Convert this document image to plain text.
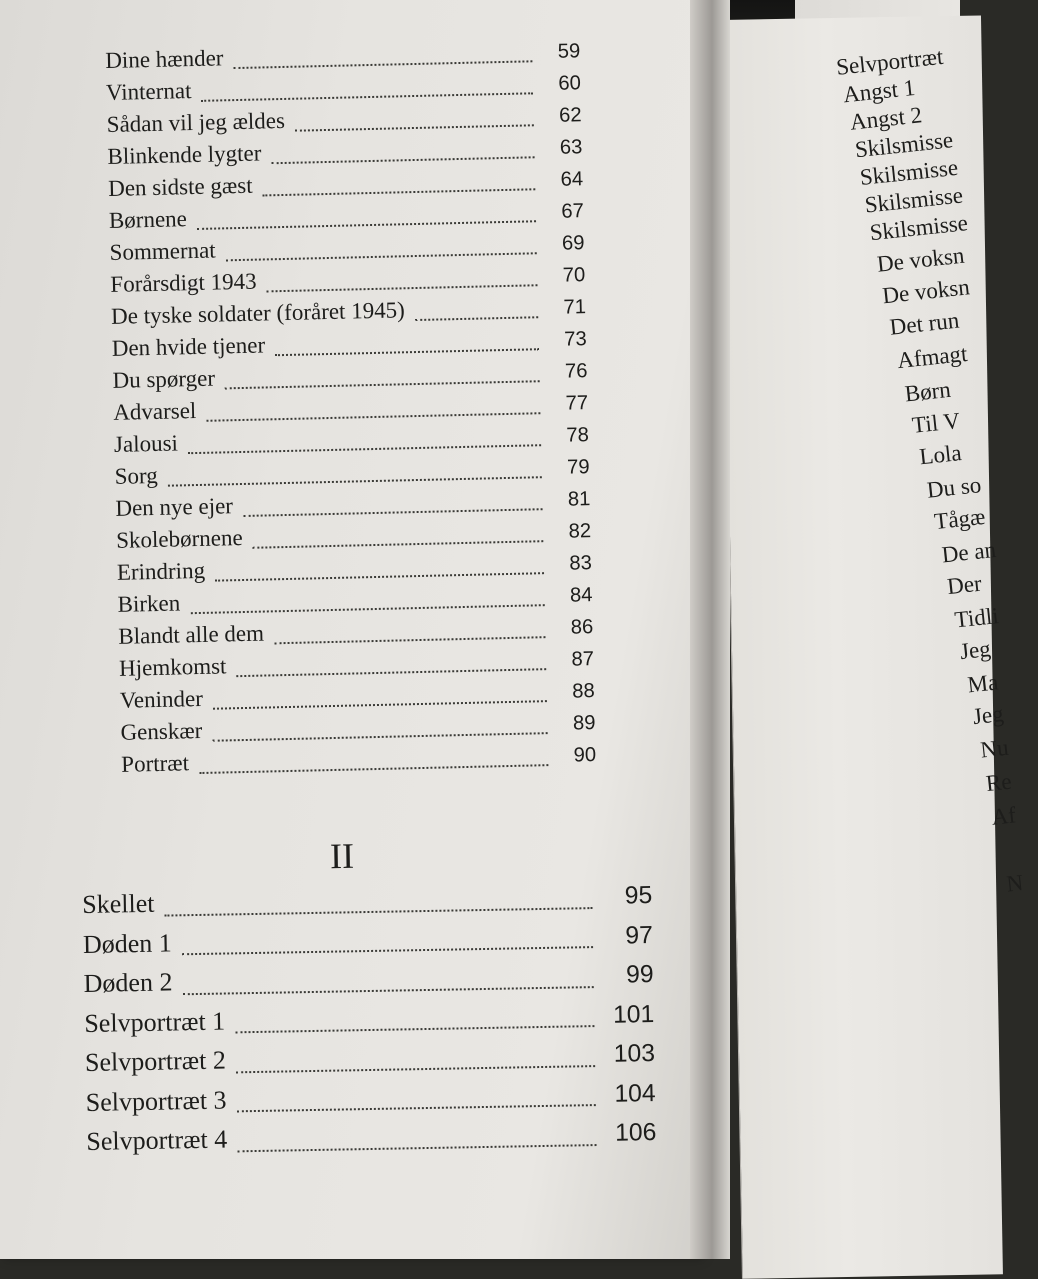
Dine hænder	59
Vinternat	60
Sådan vil jeg ældes	62
Blinkende lygter	63
Den sidste gæst	64
Børnene	67
Sommernat	69
Forårsdigt 1943	70
De tyske soldater (foråret 1945)	71
Den hvide tjener	73
Du spørger	76
Advarsel	77
Jalousi	78
Sorg	79
Den nye ejer	81
Skolebørnene	82
Erindring	83
Birken	84
Blandt alle dem	86
Hjemkomst	87
Veninder	88
Genskær	89
Portræt	90
II
Skellet	95
Døden 1	97
Døden 2	99
Selvportræt 1	101
Selvportræt 2	103
Selvportræt 3	104
Selvportræt 4	106
Selvportræt
Angst 1
Angst 2
Skilsmisse
Skilsmisse
Skilsmisse
Skilsmisse
De voksn
De voksn
Det run
Afmagt
Børn
Til V
Lola
Du so
Tågæ
De an
Der
Tidli
Jeg
Ma
Jeg
Nu
Re
Af
N
